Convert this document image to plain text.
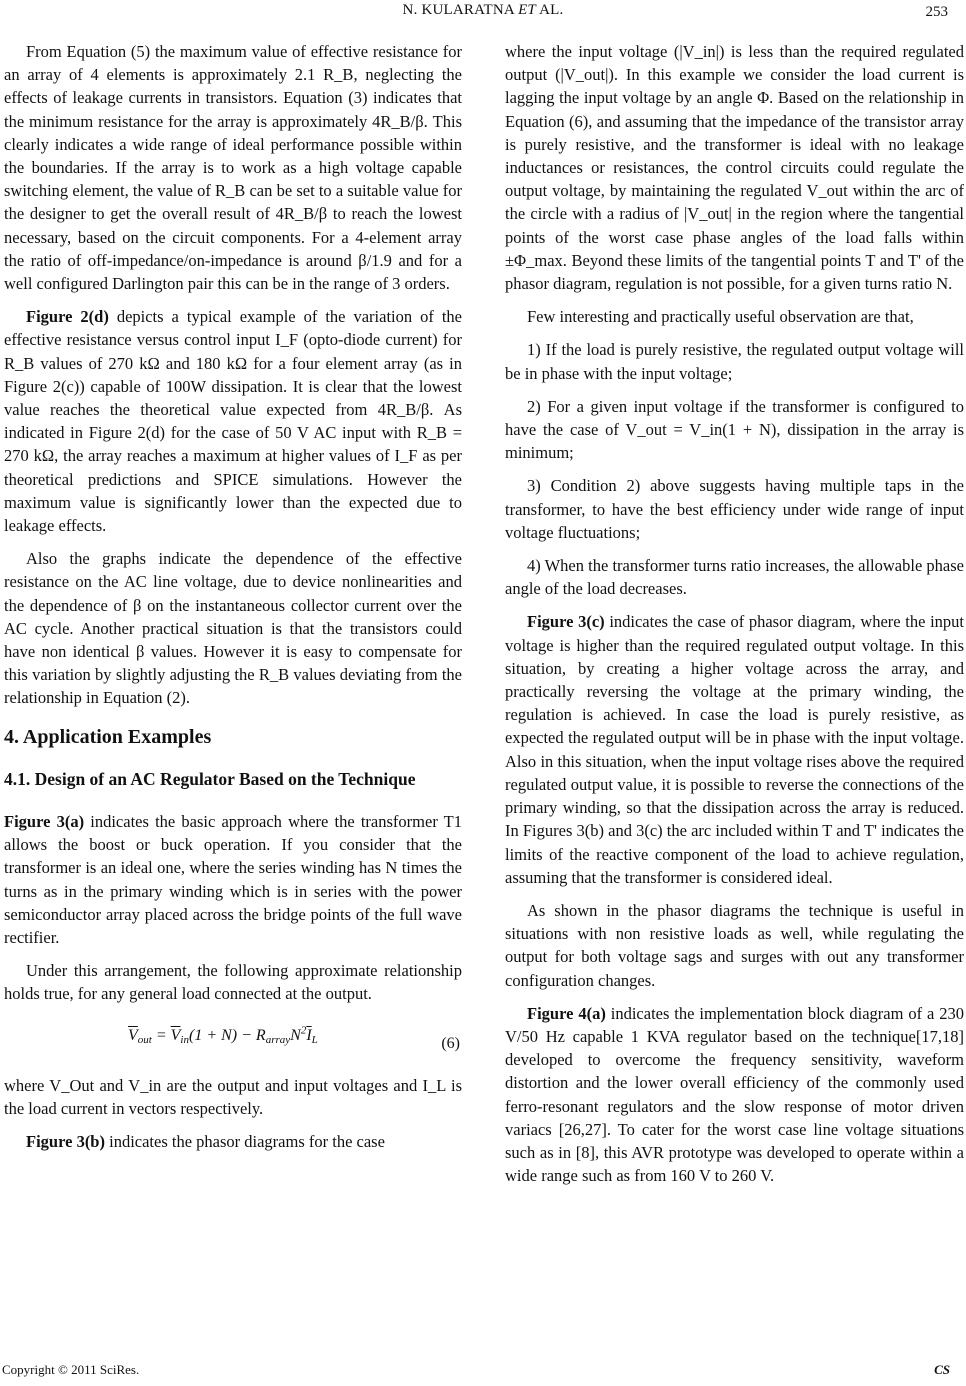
N. KULARATNA ET AL.	253

From Equation (5) the maximum value of effective resistance for an array of 4 elements is approximately 2.1 R_B, neglecting the effects of leakage currents in transistors. Equation (3) indicates that the minimum resistance for the array is approximately 4R_B/β. This clearly indicates a wide range of ideal performance possible within the boundaries. If the array is to work as a high voltage capable switching element, the value of R_B can be set to a suitable value for the designer to get the overall result of 4R_B/β to reach the lowest necessary, based on the circuit components. For a 4-element array the ratio of off-impedance/on-impedance is around β/1.9 and for a well configured Darlington pair this can be in the range of 3 orders.

Figure 2(d) depicts a typical example of the variation of the effective resistance versus control input I_F (opto-diode current) for R_B values of 270 kΩ and 180 kΩ for a four element array (as in Figure 2(c)) capable of 100W dissipation. It is clear that the lowest value reaches the theoretical value expected from 4R_B/β. As indicated in Figure 2(d) for the case of 50 V AC input with R_B = 270 kΩ, the array reaches a maximum at higher values of I_F as per theoretical predictions and SPICE simulations. However the maximum value is significantly lower than the expected due to leakage effects.

Also the graphs indicate the dependence of the effective resistance on the AC line voltage, due to device nonlinearities and the dependence of β on the instantaneous collector current over the AC cycle. Another practical situation is that the transistors could have non identical β values. However it is easy to compensate for this variation by slightly adjusting the R_B values deviating from the relationship in Equation (2).

4. Application Examples
4.1. Design of an AC Regulator Based on the Technique

Figure 3(a) indicates the basic approach where the transformer T1 allows the boost or buck operation. If you consider that the transformer is an ideal one, where the series winding has N times the turns as in the primary winding which is in series with the power semiconductor array placed across the bridge points of the full wave rectifier.

Under this arrangement, the following approximate relationship holds true, for any general load connected at the output.

$\overline{V}_{out} = \overline{V}_{in}(1 + N) - R_{array}N^2\overline{I}_L$	(6)

where V_Out and V_in are the output and input voltages and I_L is the load current in vectors respectively.

Figure 3(b) indicates the phasor diagrams for the case

where the input voltage (|V_in|) is less than the required regulated output (|V_out|). In this example we consider the load current is lagging the input voltage by an angle Φ. Based on the relationship in Equation (6), and assuming that the impedance of the transistor array is purely resistive, and the transformer is ideal with no leakage inductances or resistances, the control circuits could regulate the output voltage, by maintaining the regulated V_out within the arc of the circle with a radius of |V_out| in the region where the tangential points of the worst case phase angles of the load falls within ±Φ_max. Beyond these limits of the tangential points T and T' of the phasor diagram, regulation is not possible, for a given turns ratio N.

Few interesting and practically useful observation are that,

1) If the load is purely resistive, the regulated output voltage will be in phase with the input voltage;

2) For a given input voltage if the transformer is configured to have the case of V_out = V_in(1 + N), dissipation in the array is minimum;

3) Condition 2) above suggests having multiple taps in the transformer, to have the best efficiency under wide range of input voltage fluctuations;

4) When the transformer turns ratio increases, the allowable phase angle of the load decreases.

Figure 3(c) indicates the case of phasor diagram, where the input voltage is higher than the required regulated output voltage. In this situation, by creating a higher voltage across the array, and practically reversing the voltage at the primary winding, the regulation is achieved. In case the load is purely resistive, as expected the regulated output will be in phase with the input voltage. Also in this situation, when the input voltage rises above the required regulated output value, it is possible to reverse the connections of the primary winding, so that the dissipation across the array is reduced. In Figures 3(b) and 3(c) the arc included within T and T' indicates the limits of the reactive component of the load to achieve regulation, assuming that the transformer is considered ideal.

As shown in the phasor diagrams the technique is useful in situations with non resistive loads as well, while regulating the output for both voltage sags and surges with out any transformer configuration changes.

Figure 4(a) indicates the implementation block diagram of a 230 V/50 Hz capable 1 KVA regulator based on the technique[17,18] developed to overcome the frequency sensitivity, waveform distortion and the lower overall efficiency of the commonly used ferro-resonant regulators and the slow response of motor driven variacs [26,27]. To cater for the worst case line voltage situations such as in [8], this AVR prototype was developed to operate within a wide range such as from 160 V to 260 V.

Copyright © 2011 SciRes.	CS
